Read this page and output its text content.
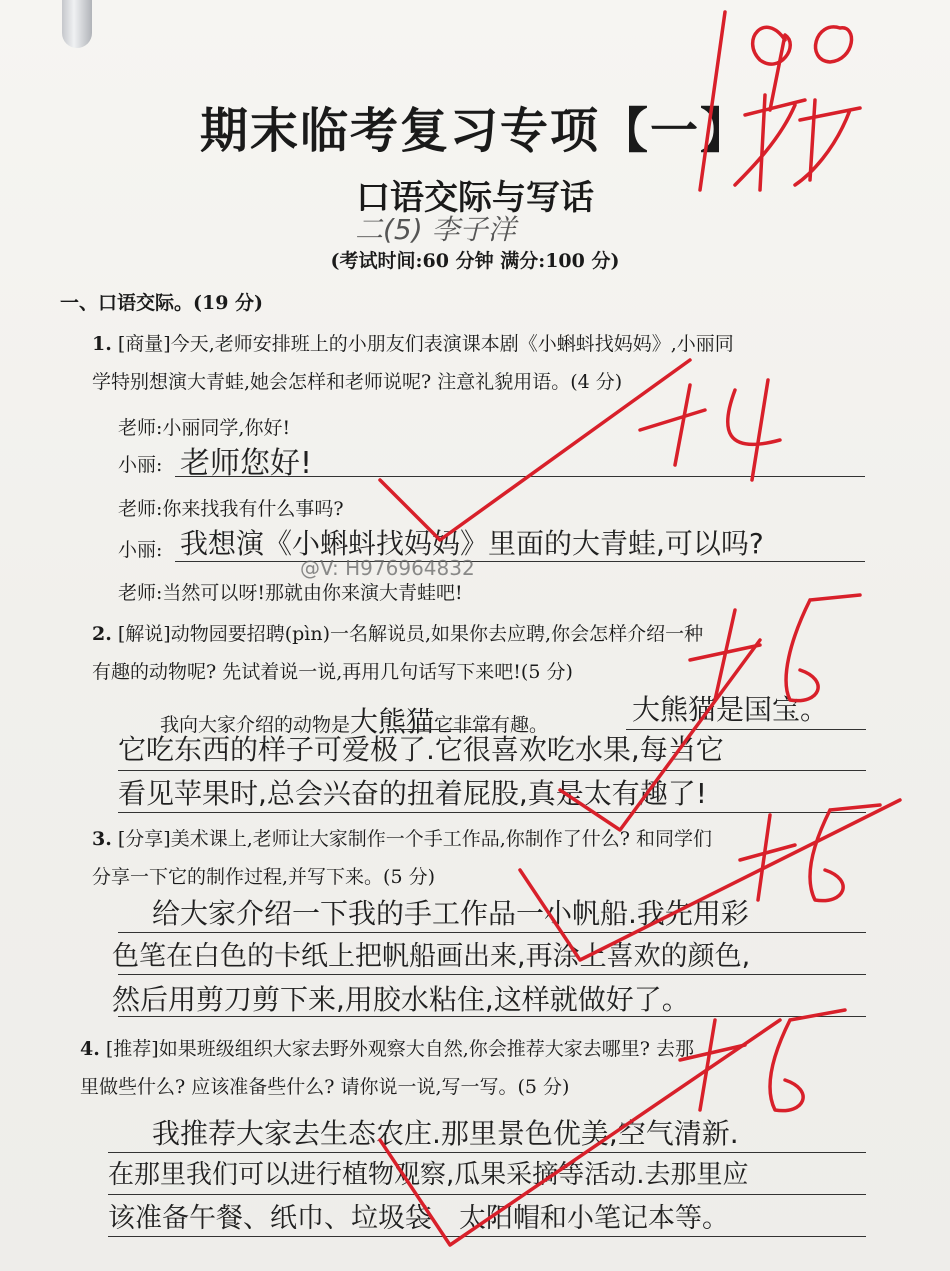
期末临考复习专项【一】
口语交际与写话
二(5) 李子洋
(考试时间:60 分钟 满分:100 分)
一、口语交际。(19 分)
1. [商量]今天,老师安排班上的小朋友们表演课本剧《小蝌蚪找妈妈》,小丽同
学特别想演大青蛙,她会怎样和老师说呢? 注意礼貌用语。(4 分)
老师:小丽同学,你好!
小丽: 老师您好!
老师:你来找我有什么事吗?
小丽: 我想演《小蝌蚪找妈妈》里面的大青蛙,可以吗?
老师:当然可以呀!那就由你来演大青蛙吧!
@V: H976964832
2. [解说]动物园要招聘(pìn)一名解说员,如果你去应聘,你会怎样介绍一种
有趣的动物呢? 先试着说一说,再用几句话写下来吧!(5 分)
我向大家介绍的动物是大熊猫它非常有趣。	大熊猫是国宝。
它吃东西的样子可爱极了.它很喜欢吃水果,每当它
看见苹果时,总会兴奋的扭着屁股,真是太有趣了!
3. [分享]美术课上,老师让大家制作一个手工作品,你制作了什么? 和同学们
分享一下它的制作过程,并写下来。(5 分)
给大家介绍一下我的手工作品一小帆船.我先用彩
色笔在白色的卡纸上把帆船画出来,再涂上喜欢的颜色,
然后用剪刀剪下来,用胶水粘住,这样就做好了。
4. [推荐]如果班级组织大家去野外观察大自然,你会推荐大家去哪里? 去那
里做些什么? 应该准备些什么? 请你说一说,写一写。(5 分)
我推荐大家去生态农庄.那里景色优美,空气清新.
在那里我们可以进行植物观察,瓜果采摘等活动.去那里应
该准备午餐、纸巾、垃圾袋、太阳帽和小笔记本等。
